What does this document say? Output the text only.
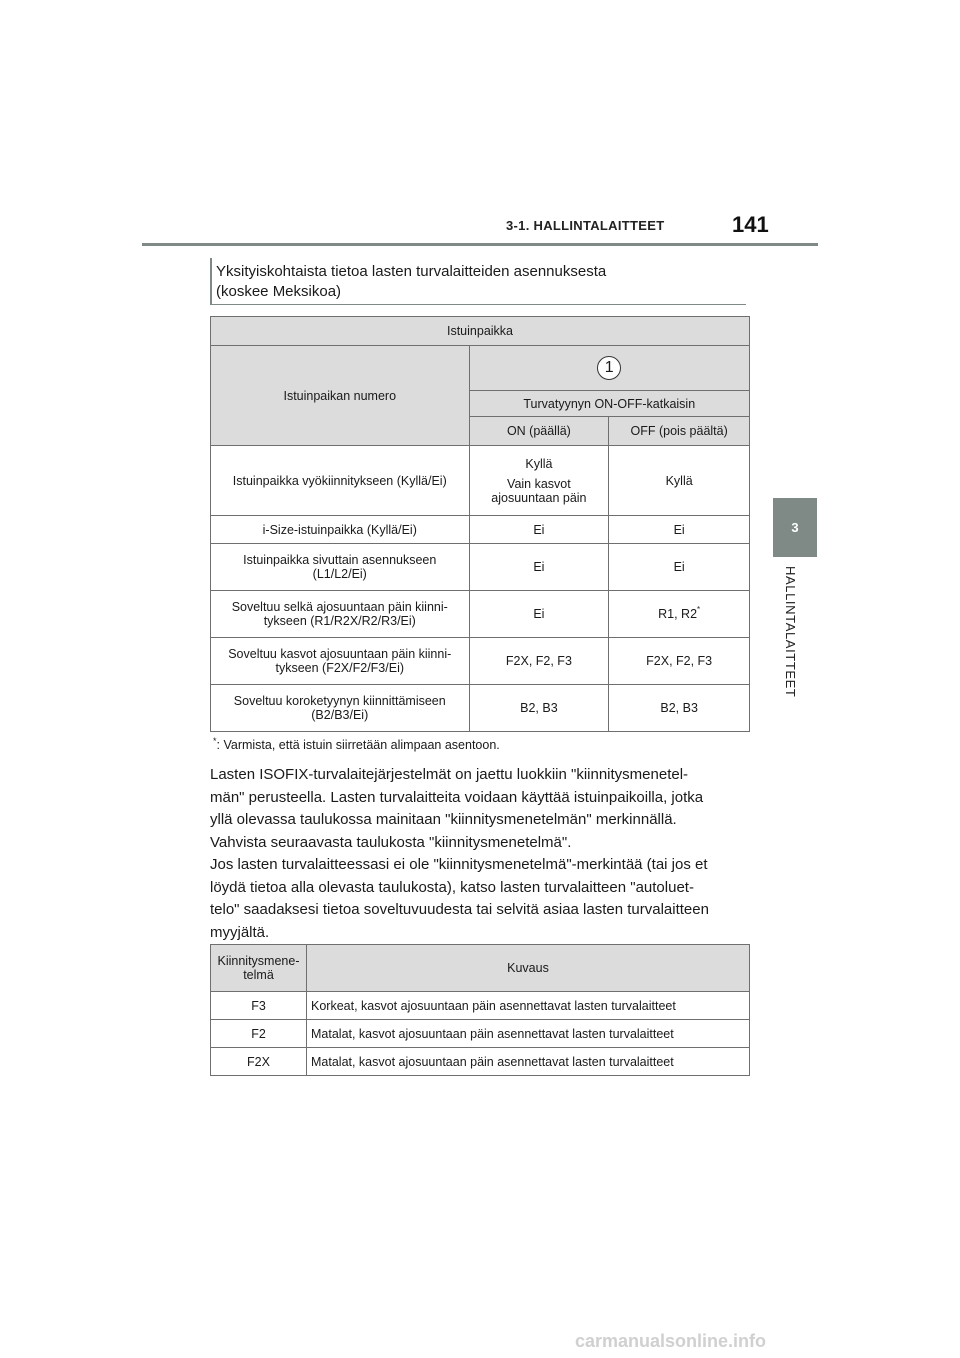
3-1. HALLINTALAITTEET	141
3
HALLINTALAITTEET
Yksityiskohtaista tietoa lasten turvalaitteiden asennuksesta
(koskee Meksikoa)
Istuinpaikka		
Istuinpaikan numero	1	
	Turvatyynyn ON-OFF-katkaisin	
	ON (päällä)	OFF (pois päältä)
Istuinpaikka vyökiinnitykseen (Kyllä/Ei)	Kyllä
Vain kasvot
ajosuuntaan päin	Kyllä
i-Size-istuinpaikka (Kyllä/Ei)	Ei	Ei

Istuinpaikka sivuttain asennukseen
(L1/L2/Ei)	Ei	Ei

Soveltuu selkä ajosuuntaan päin kiinni-
tykseen (R1/R2X/R2/R3/Ei)	Ei	R1, R2*

Soveltuu kasvot ajosuuntaan päin kiinni-
tykseen (F2X/F2/F3/Ei)	F2X, F2, F3	F2X, F2, F3

Soveltuu koroketyynyn kiinnittämiseen
(B2/B3/Ei)	B2, B3	B2, B3
*: Varmista, että istuin siirretään alimpaan asentoon.

Lasten ISOFIX-turvalaitejärjestelmät on jaettu luokkiin "kiinnitysmenetel-

män" perusteella. Lasten turvalaitteita voidaan käyttää istuinpaikoilla, jotka

yllä olevassa taulukossa mainitaan "kiinnitysmenetelmän" merkinnällä.

Vahvista seuraavasta taulukosta "kiinnitysmenetelmä".

Jos lasten turvalaitteessasi ei ole "kiinnitysmenetelmä"-merkintää (tai jos et

löydä tietoa alla olevasta taulukosta), katso lasten turvalaitteen "autoluet-

telo" saadaksesi tietoa soveltuvuudesta tai selvitä asiaa lasten turvalaitteen

myyjältä.

Kiinnitysmene-
telmä	Kuvaus
F3	Korkeat, kasvot ajosuuntaan päin asennettavat lasten turvalaitteet
F2	Matalat, kasvot ajosuuntaan päin asennettavat lasten turvalaitteet
F2X	Matalat, kasvot ajosuuntaan päin asennettavat lasten turvalaitteet
carmanualsonline.info
